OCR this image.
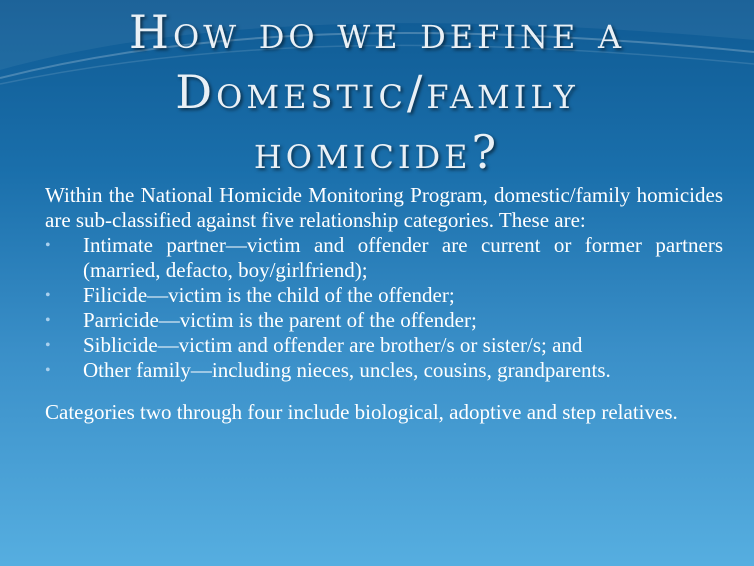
How do we define a
Domestic/family
homicide?

Within the National Homicide Monitoring Program, domestic/family homicides are sub-classified against five relationship categories. These are:

• Intimate partner—victim and offender are current or former partners (married, defacto, boy/girlfriend);
• Filicide—victim is the child of the offender;
• Parricide—victim is the parent of the offender;
• Siblicide—victim and offender are brother/s or sister/s; and
• Other family—including nieces, uncles, cousins, grandparents.

Categories two through four include biological, adoptive and step relatives.
